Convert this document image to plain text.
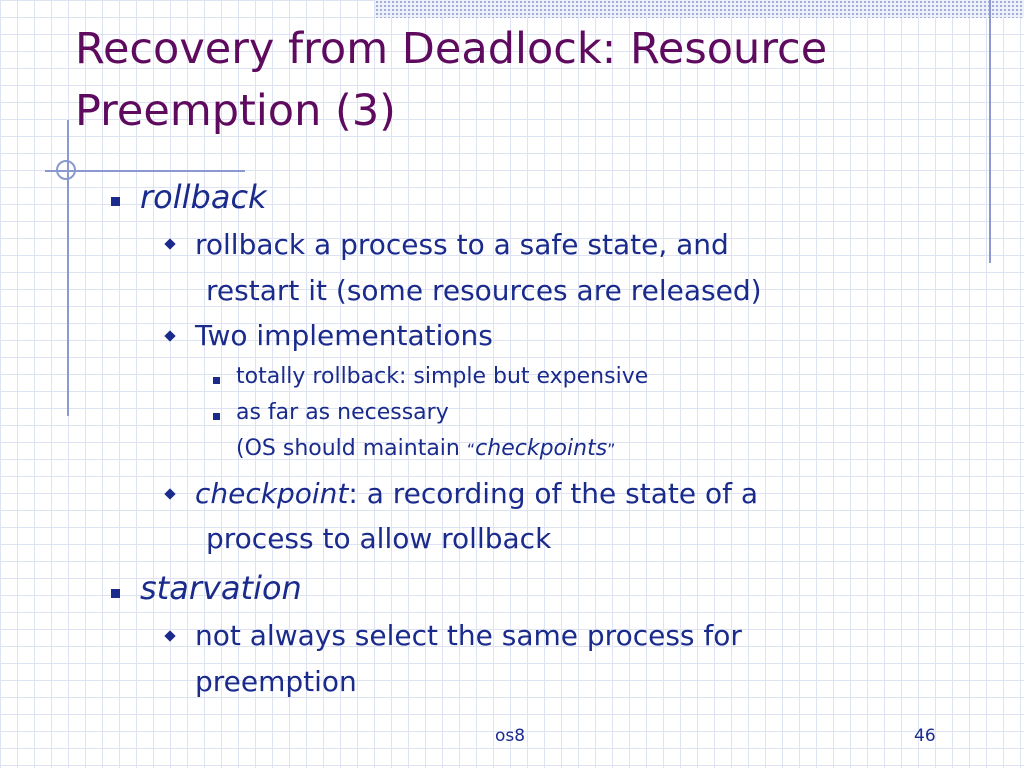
Recovery from Deadlock: Resource Preemption (3)
rollback
rollback a process to a safe state, and
restart it (some resources are released)
Two implementations
totally rollback: simple but expensive
as far as necessary
(OS should maintain “checkpoints”
checkpoint: a recording of the state of a
process to allow rollback
starvation
not always select the same process for
preemption
os8	46
